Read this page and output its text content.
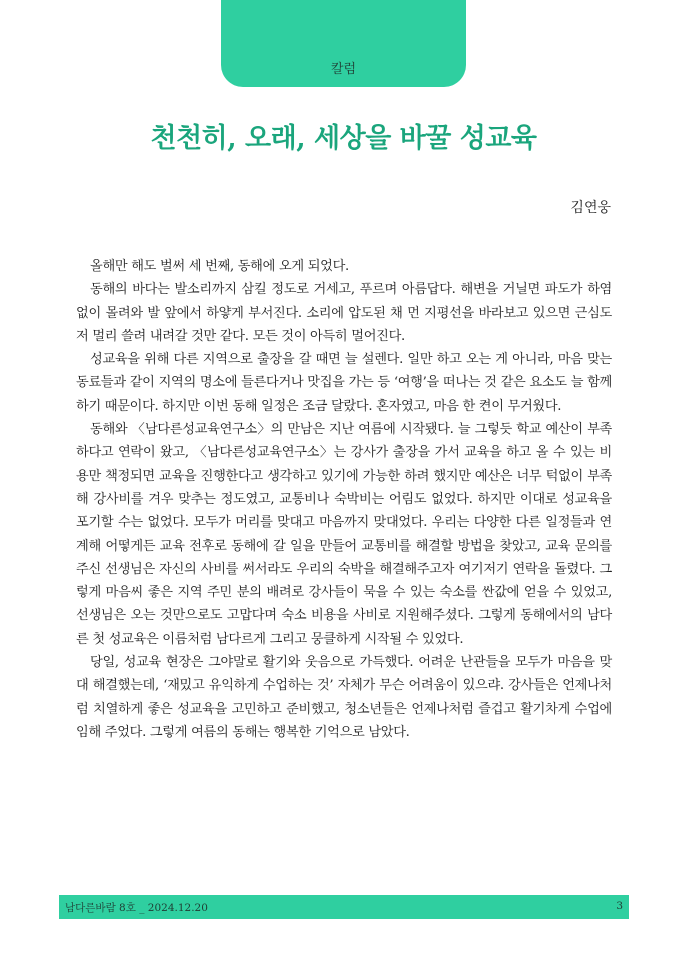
칼럼
천천히, 오래, 세상을 바꿀 성교육
김연웅

올해만 해도 벌써 세 번째, 동해에 오게 되었다.

동해의 바다는 발소리까지 삼킬 정도로 거세고, 푸르며 아름답다. 해변을 거닐면 파도가 하염없이 몰려와 발 앞에서 하얗게 부서진다. 소리에 압도된 채 먼 지평선을 바라보고 있으면 근심도 저 멀리 쓸려 내려갈 것만 같다. 모든 것이 아득히 멀어진다.

성교육을 위해 다른 지역으로 출장을 갈 때면 늘 설렌다. 일만 하고 오는 게 아니라, 마음 맞는 동료들과 같이 지역의 명소에 들른다거나 맛집을 가는 등 ‘여행’을 떠나는 것 같은 요소도 늘 함께하기 때문이다. 하지만 이번 동해 일정은 조금 달랐다. 혼자였고, 마음 한 켠이 무거웠다.

동해와 〈남다른성교육연구소〉의 만남은 지난 여름에 시작됐다. 늘 그렇듯 학교 예산이 부족하다고 연락이 왔고, 〈남다른성교육연구소〉는 강사가 출장을 가서 교육을 하고 올 수 있는 비용만 책정되면 교육을 진행한다고 생각하고 있기에 가능한 하려 했지만 예산은 너무 턱없이 부족해 강사비를 겨우 맞추는 정도였고, 교통비나 숙박비는 어림도 없었다. 하지만 이대로 성교육을 포기할 수는 없었다. 모두가 머리를 맞대고 마음까지 맞대었다. 우리는 다양한 다른 일정들과 연계해 어떻게든 교육 전후로 동해에 갈 일을 만들어 교통비를 해결할 방법을 찾았고, 교육 문의를 주신 선생님은 자신의 사비를 써서라도 우리의 숙박을 해결해주고자 여기저기 연락을 돌렸다. 그렇게 마음씨 좋은 지역 주민 분의 배려로 강사들이 묵을 수 있는 숙소를 싼값에 얻을 수 있었고, 선생님은 오는 것만으로도 고맙다며 숙소 비용을 사비로 지원해주셨다. 그렇게 동해에서의 남다른 첫 성교육은 이름처럼 남다르게 그리고 뭉클하게 시작될 수 있었다.

당일, 성교육 현장은 그야말로 활기와 웃음으로 가득했다. 어려운 난관들을 모두가 마음을 맞대 해결했는데, ‘재밌고 유익하게 수업하는 것’ 자체가 무슨 어려움이 있으랴. 강사들은 언제나처럼 치열하게 좋은 성교육을 고민하고 준비했고, 청소년들은 언제나처럼 즐겁고 활기차게 수업에 임해 주었다. 그렇게 여름의 동해는 행복한 기억으로 남았다.

남다른바람 8호 _ 2024.12.20	3
